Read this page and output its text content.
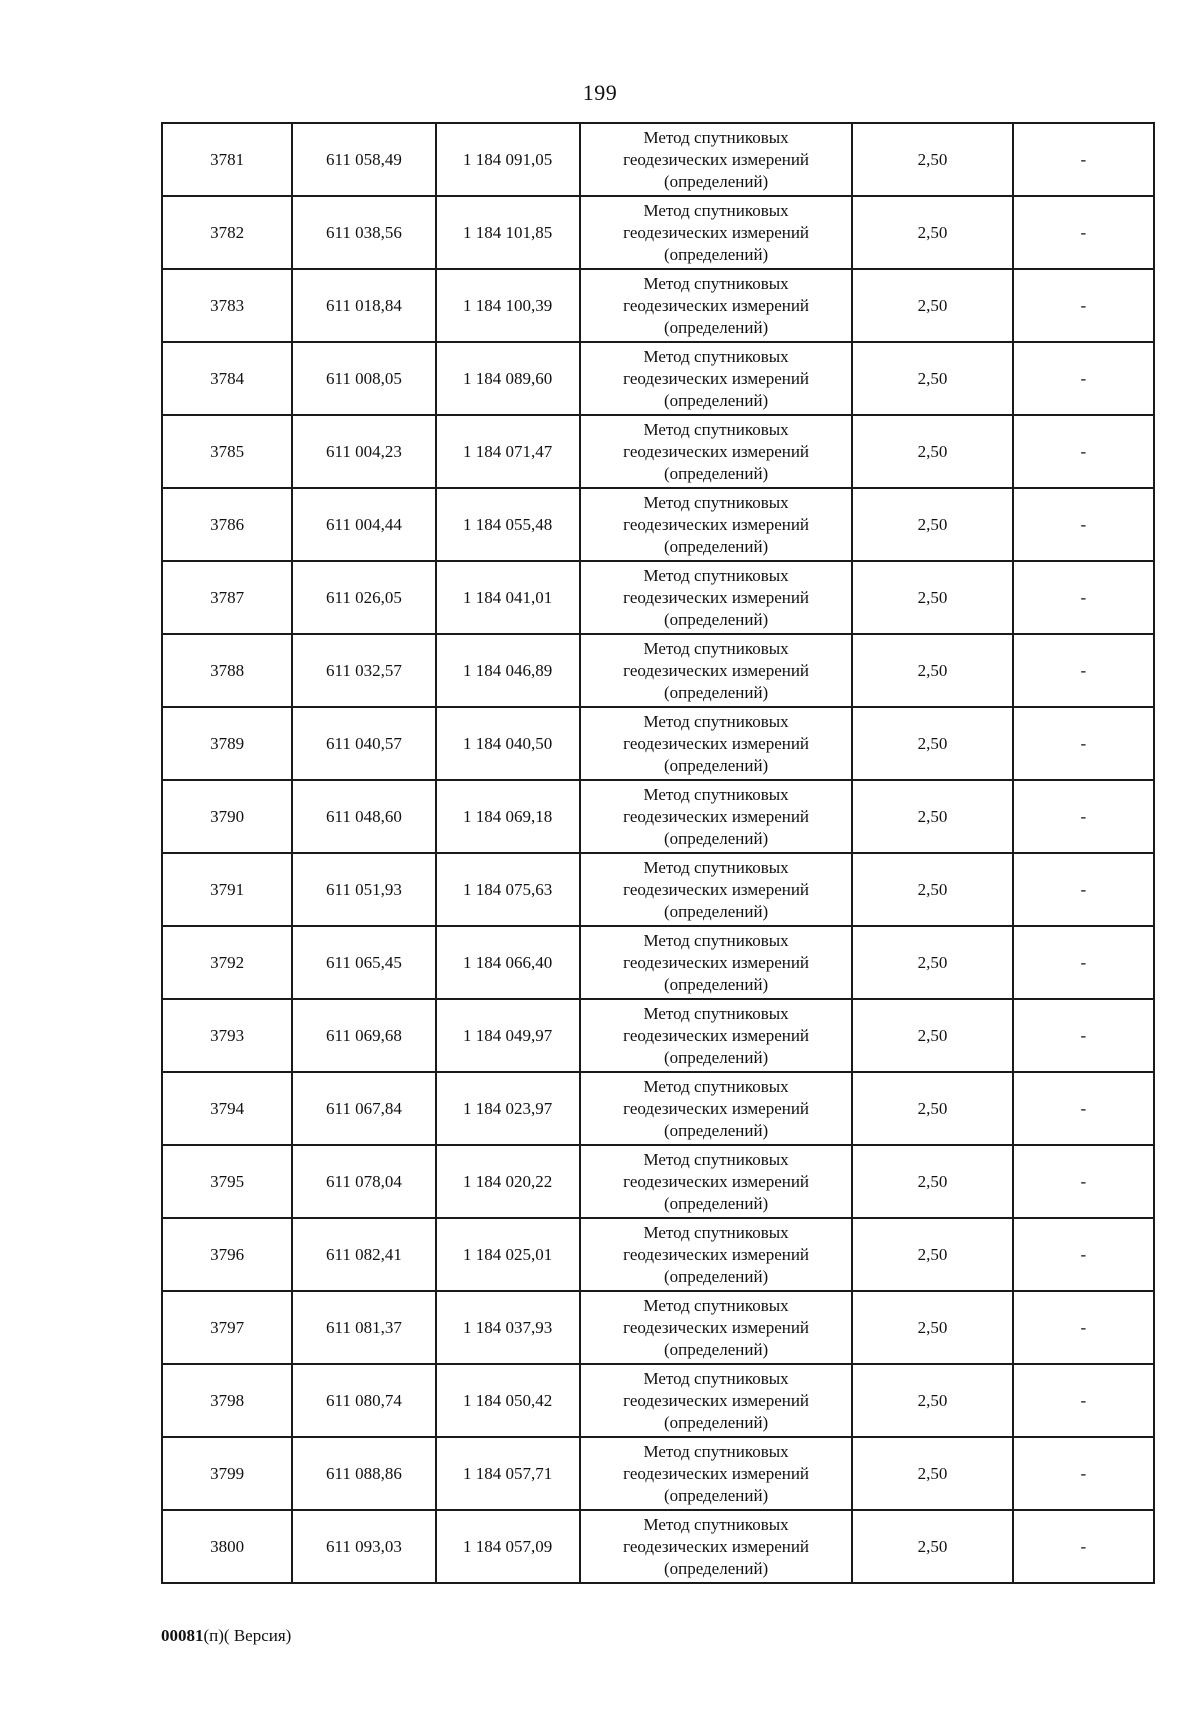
199
3781	611 058,49	1 184 091,05	Метод спутниковых
геодезических измерений
(определений)	2,50	-
3782	611 038,56	1 184 101,85	Метод спутниковых
геодезических измерений
(определений)	2,50	-
3783	611 018,84	1 184 100,39	Метод спутниковых
геодезических измерений
(определений)	2,50	-
3784	611 008,05	1 184 089,60	Метод спутниковых
геодезических измерений
(определений)	2,50	-
3785	611 004,23	1 184 071,47	Метод спутниковых
геодезических измерений
(определений)	2,50	-
3786	611 004,44	1 184 055,48	Метод спутниковых
геодезических измерений
(определений)	2,50	-
3787	611 026,05	1 184 041,01	Метод спутниковых
геодезических измерений
(определений)	2,50	-
3788	611 032,57	1 184 046,89	Метод спутниковых
геодезических измерений
(определений)	2,50	-
3789	611 040,57	1 184 040,50	Метод спутниковых
геодезических измерений
(определений)	2,50	-
3790	611 048,60	1 184 069,18	Метод спутниковых
геодезических измерений
(определений)	2,50	-
3791	611 051,93	1 184 075,63	Метод спутниковых
геодезических измерений
(определений)	2,50	-
3792	611 065,45	1 184 066,40	Метод спутниковых
геодезических измерений
(определений)	2,50	-
3793	611 069,68	1 184 049,97	Метод спутниковых
геодезических измерений
(определений)	2,50	-
3794	611 067,84	1 184 023,97	Метод спутниковых
геодезических измерений
(определений)	2,50	-
3795	611 078,04	1 184 020,22	Метод спутниковых
геодезических измерений
(определений)	2,50	-
3796	611 082,41	1 184 025,01	Метод спутниковых
геодезических измерений
(определений)	2,50	-
3797	611 081,37	1 184 037,93	Метод спутниковых
геодезических измерений
(определений)	2,50	-
3798	611 080,74	1 184 050,42	Метод спутниковых
геодезических измерений
(определений)	2,50	-
3799	611 088,86	1 184 057,71	Метод спутниковых
геодезических измерений
(определений)	2,50	-
3800	611 093,03	1 184 057,09	Метод спутниковых
геодезических измерений
(определений)	2,50	-
00081(п)( Версия)
